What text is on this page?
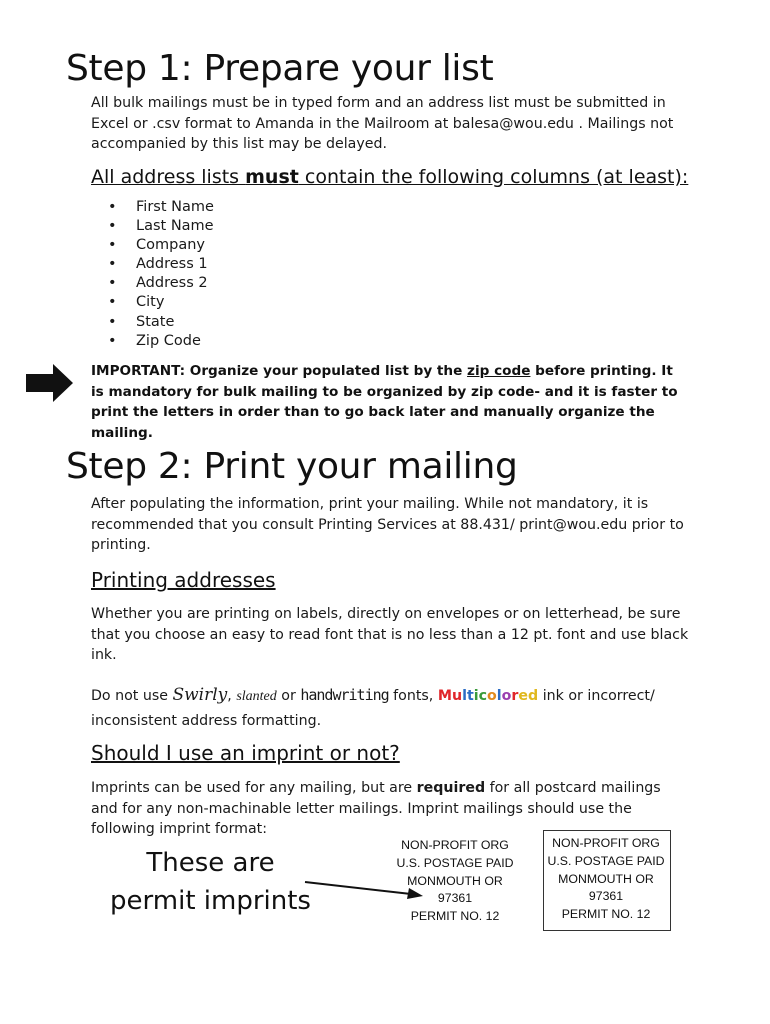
Step 1: Prepare your list

All bulk mailings must be in typed form and an address list must be submitted in Excel or .csv format to Amanda in the Mailroom at balesa@wou.edu . Mailings not accompanied by this list may be delayed.

All address lists must contain the following columns (at least):

• First Name
• Last Name
• Company
• Address 1
• Address 2
• City
• State
• Zip Code

IMPORTANT: Organize your populated list by the zip code before printing. It is mandatory for bulk mailing to be organized by zip code- and it is faster to print the letters in order than to go back later and manually organize the mailing.

Step 2: Print your mailing

After populating the information, print your mailing. While not mandatory, it is recommended that you consult Printing Services at 88.431/ print@wou.edu prior to printing.

Printing addresses

Whether you are printing on labels, directly on envelopes or on letterhead, be sure that you choose an easy to read font that is no less than a 12 pt. font and use black ink.

Do not use Swirly, slanted or handwriting fonts, Multicolored ink or incorrect/ inconsistent address formatting.

Should I use an imprint or not?

Imprints can be used for any mailing, but are required for all postcard mailings and for any non-machinable letter mailings. Imprint mailings should use the following imprint format:

These are

permit imprints

NON-PROFIT ORG
U.S. POSTAGE PAID
MONMOUTH OR
97361
PERMIT NO. 12
NON-PROFIT ORG
U.S. POSTAGE PAID
MONMOUTH OR
97361
PERMIT NO. 12
